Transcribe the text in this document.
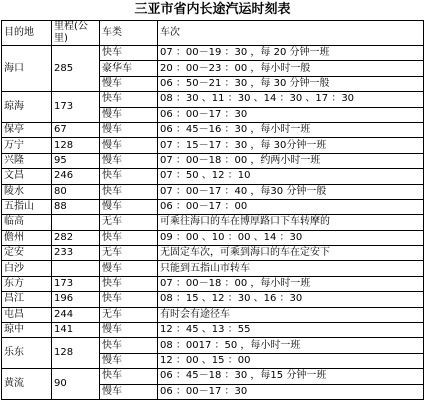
三亚市省内长途汽运时刻表
目的地	里程(公里)	车类	车次
海口	285	快车	07 ：00－19 ：30 ，每 20 分钟一班
		豪华车	20 ：00－23 ：00 ，每小时一般
		慢车	06 ：50－21 ：30 ，每 30 分钟一般
琼海	173	快车	08 ：30 、11 ：30 、14 ：30 、17 ：30
		慢车	06 ：00－17 ：30
保亭	67	慢车	06 ：45－16 ：30 ，每小时一班
万宁	128	慢车	07 ：15－17 ：30 ，每 30分钟一班
兴隆	95	慢车	07 ：00－18 ：00 ，约两小时一班
文昌	246	快车	07 ：50 、12 ：10
陵水	80	快车	07 ：00－17 ：40 ，每30 分钟一般
五指山	88	慢车	06 ：00－17 ：00
临高		无车	可乘往海口的车在博厚路口下车转摩的
儋州	282	快车	09 ：00 、10 ：00 、14 ：30
定安	233	无车	无固定车次，可乘到海口的车在定安下
白沙		慢车	只能到五指山市转车
东方	173	快车	07 ：00－18 ：00 ，每小时一班
昌江	196	快车	08 ：15 、12 ：30 、16 ：30
屯昌	244	无车	有时会有途径车
琼中	141	慢车	12 ：45 、13 ：55
乐东	128	快车	08 ：0017 ：50 ，每小时一班
		慢车	12 ：00 、15 ：00
黄流	90	快车	06 ：45－18 ：30 ，每15 分钟一班
		慢车	06 ：00－17 ：30
